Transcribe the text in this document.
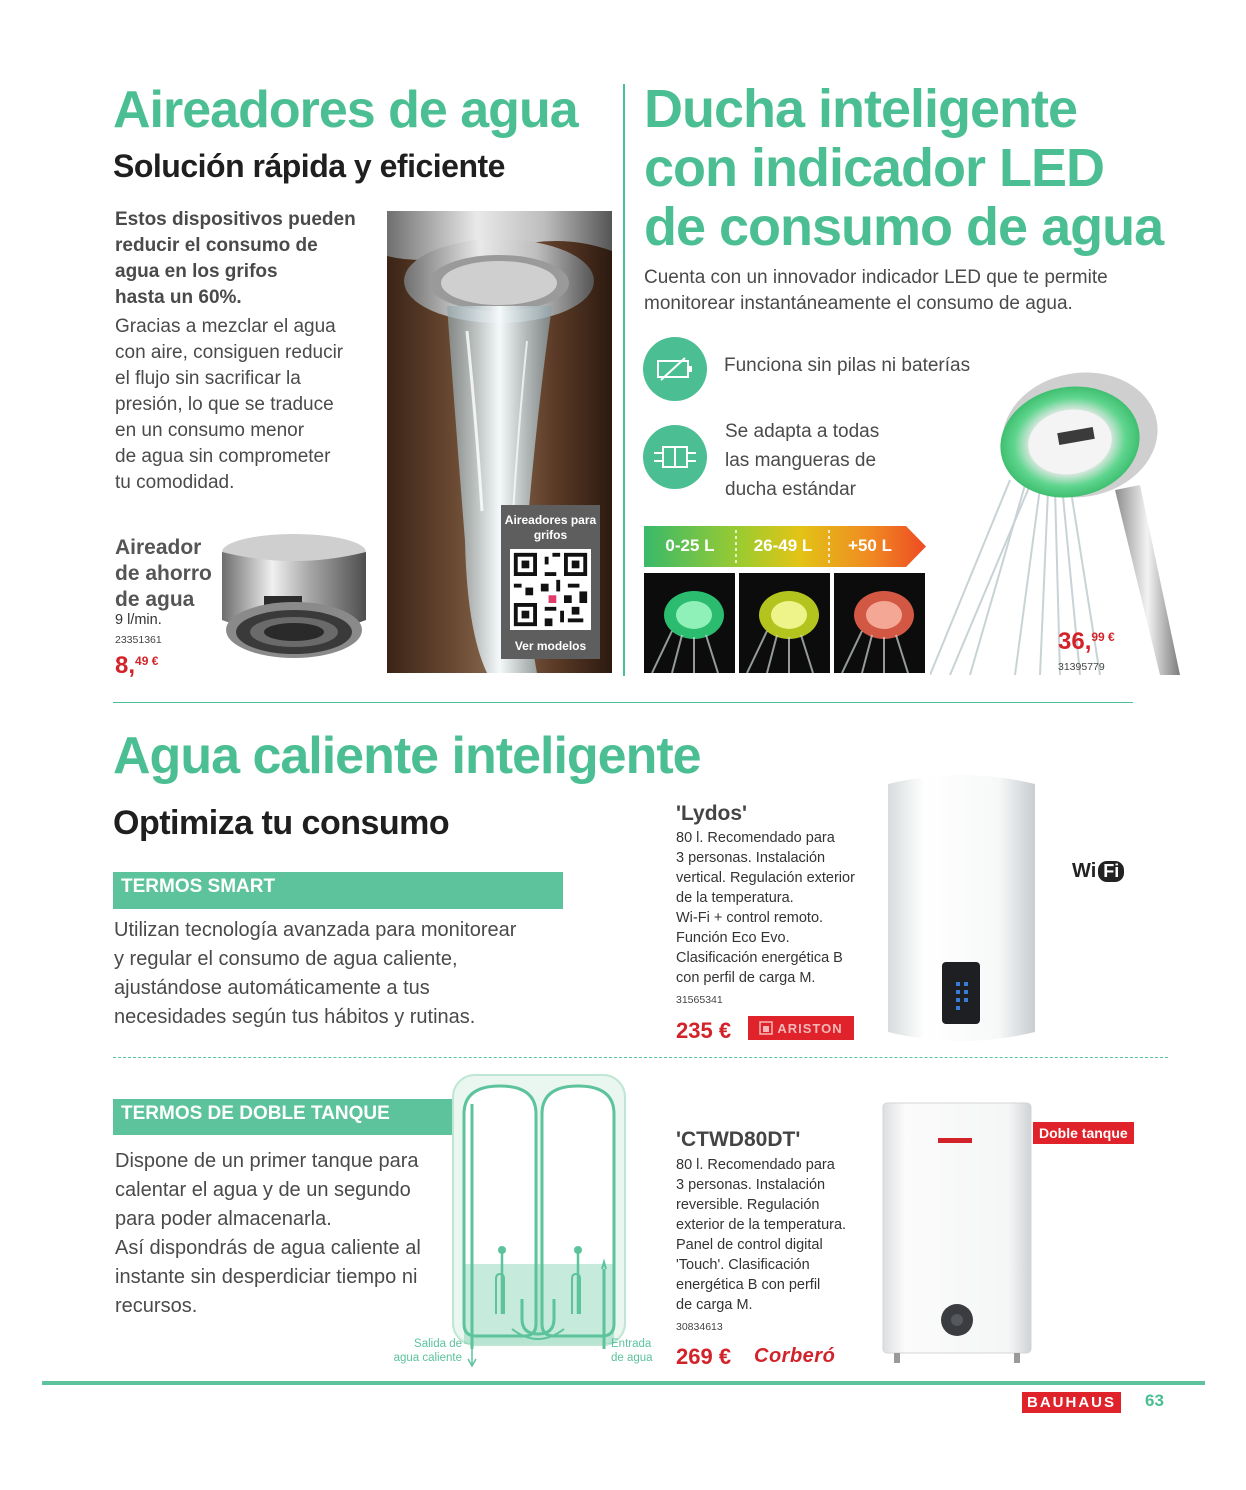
Aireadores de agua
Solución rápida y eficiente
Estos dispositivos pueden
reducir el consumo de
agua en los grifos
hasta un 60%.
Gracias a mezclar el agua
con aire, consiguen reducir
el flujo sin sacrificar la
presión, lo que se traduce
en un consumo menor
de agua sin comprometer
tu comodidad.
Aireadores para grifos
Ver modelos
Aireador
de ahorro
de agua
9 l/min.
23351361
8,$^{49 €}$
Ducha inteligente
con indicador LED
de consumo de agua
Cuenta con un innovador indicador LED que te permite
monitorear instantáneamente el consumo de agua.
Funciona sin pilas ni baterías
Se adapta a todas
las mangueras de
ducha estándar
0-25 L	26-49 L	+50 L
36,$^{99 €}$
31395779
Agua caliente inteligente
Optimiza tu consumo
TERMOS SMART
Utilizan tecnología avanzada para monitorear
y regular el consumo de agua caliente,
ajustándose automáticamente a tus
necesidades según tus hábitos y rutinas.
'Lydos'
80 l. Recomendado para
3 personas. Instalación
vertical. Regulación exterior
de la temperatura.
Wi-Fi + control remoto.
Función Eco Evo.
Clasificación energética B
con perfil de carga M.
31565341
235 €	ARISTON
Wi Fi
TERMOS DE DOBLE TANQUE
Dispone de un primer tanque para
calentar el agua y de un segundo
para poder almacenarla.
Así dispondrás de agua caliente al
instante sin desperdiciar tiempo ni
recursos.
Salida de
agua caliente
Entrada
de agua
'CTWD80DT'
80 l. Recomendado para
3 personas. Instalación
reversible. Regulación
exterior de la temperatura.
Panel de control digital
'Touch'. Clasificación
energética B con perfil
de carga M.
30834613
269 € Corberó
Doble tanque
BAUHAUS 63
